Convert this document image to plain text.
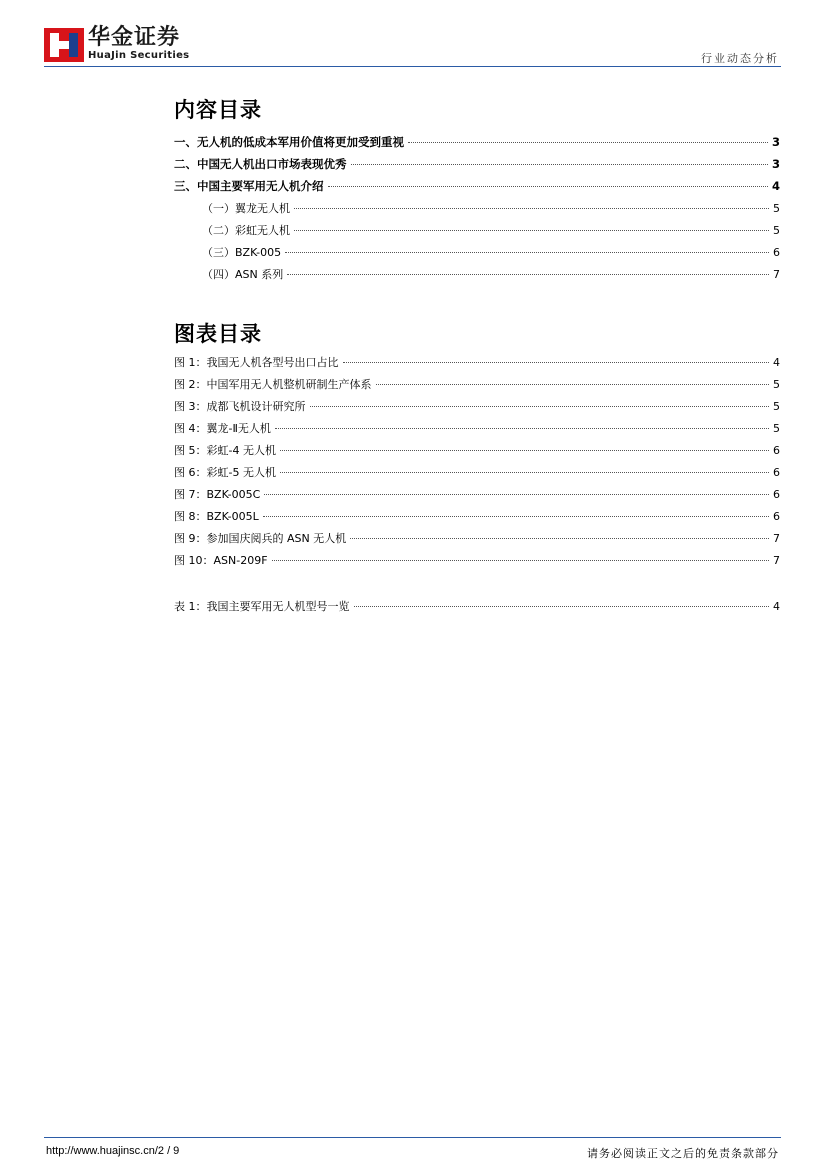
华金证券
HuaJin Securities	行业动态分析
内容目录
一、无人机的低成本军用价值将更加受到重视	3
二、中国无人机出口市场表现优秀	3
三、中国主要军用无人机介绍	4
（一）翼龙无人机	5
（二）彩虹无人机	5
（三）BZK-005	6
（四）ASN 系列	7
图表目录
图 1：我国无人机各型号出口占比	4
图 2：中国军用无人机整机研制生产体系	5
图 3：成都飞机设计研究所	5
图 4：翼龙-Ⅱ无人机	5
图 5：彩虹-4 无人机	6
图 6：彩虹-5 无人机	6
图 7：BZK-005C	6
图 8：BZK-005L	6
图 9：参加国庆阅兵的 ASN 无人机	7
图 10：ASN-209F	7
表 1：我国主要军用无人机型号一览	4
http://www.huajinsc.cn/2 / 9	请务必阅读正文之后的免责条款部分
